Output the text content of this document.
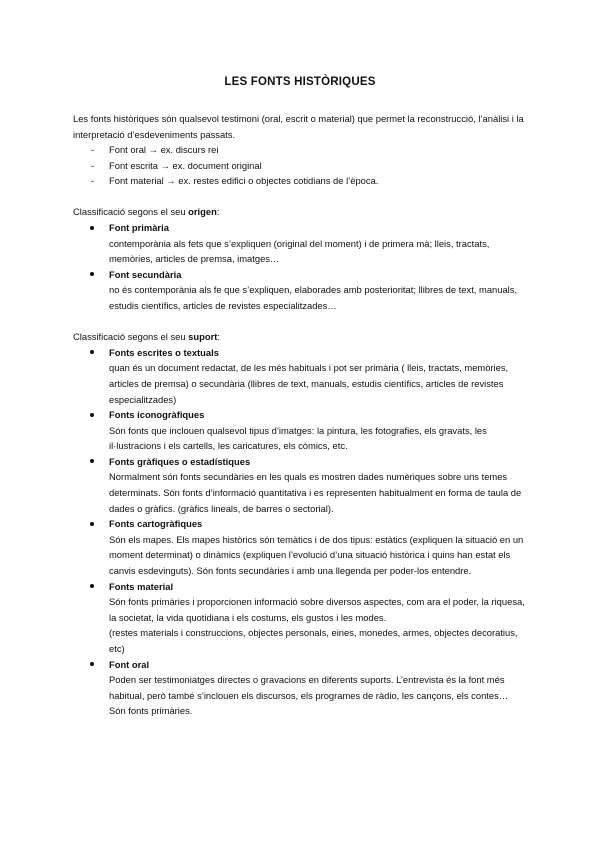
LES FONTS HISTÒRIQUES

Les fonts històriques són qualsevol testimoni (oral, escrit o material) que permet la reconstrucció, l’anàlisi i la interpretació d’esdeveniments passats.

- Font oral → ex. discurs rei
- Font escrita → ex. document original
- Font material → ex. restes edifici o objectes cotidians de l’època.
Classificació segons el seu origen:
Font primària
contemporània als fets que s’expliquen (original del moment) i de primera mà; lleis, tractats, memòries, articles de premsa, imatges…
Font secundària
no és contemporània als fe que s’expliquen, elaborades amb posterioritat; llibres de text, manuals, estudis científics, articles de revistes especialitzades…
Classificació segons el seu suport:
Fonts escrites o textuals
quan és un document redactat, de les més habituals i pot ser primària ( lleis, tractats, memòries, articles de premsa) o secundària (llibres de text, manuals, estudis científics, articles de revistes especialitzades)
Fonts iconogràfiques
Són fonts que inclouen qualsevol tipus d’imatges: la pintura, les fotografies, els gravats, les il·lustracions i els cartells, les caricatures, els còmics, etc.
Fonts gràfiques o estadístiques
Normalment són fonts secundàries en les quals es mostren dades numèriques sobre uns temes determinats. Són fonts d’informació quantitativa i es representen habitualment en forma de taula de dades o gràfics. (gràfics lineals, de barres o sectorial).
Fonts cartogràfiques
Són els mapes. Els mapes històrics són temàtics i de dos tipus: estàtics (expliquen la situació en un moment determinat) o dinàmics (expliquen l’evolució d’una situació històrica i quins han estat els canvis esdevinguts). Són fonts secundàries i amb una llegenda per poder-los entendre.
Fonts material
Són fonts primàries i proporcionen informació sobre diversos aspectes, com ara el poder, la riquesa, la societat, la vida quotidiana i els costums, els gustos i les modes.
(restes materials i construccions, objectes personals, eines, monedes, armes, objectes decoratius, etc)
Font oral
Poden ser testimoniatges directes o gravacions en diferents suports. L’entrevista és la font més habitual, però també s’inclouen els discursos, els programes de ràdio, les cançons, els contes…
Són fonts primàries.
